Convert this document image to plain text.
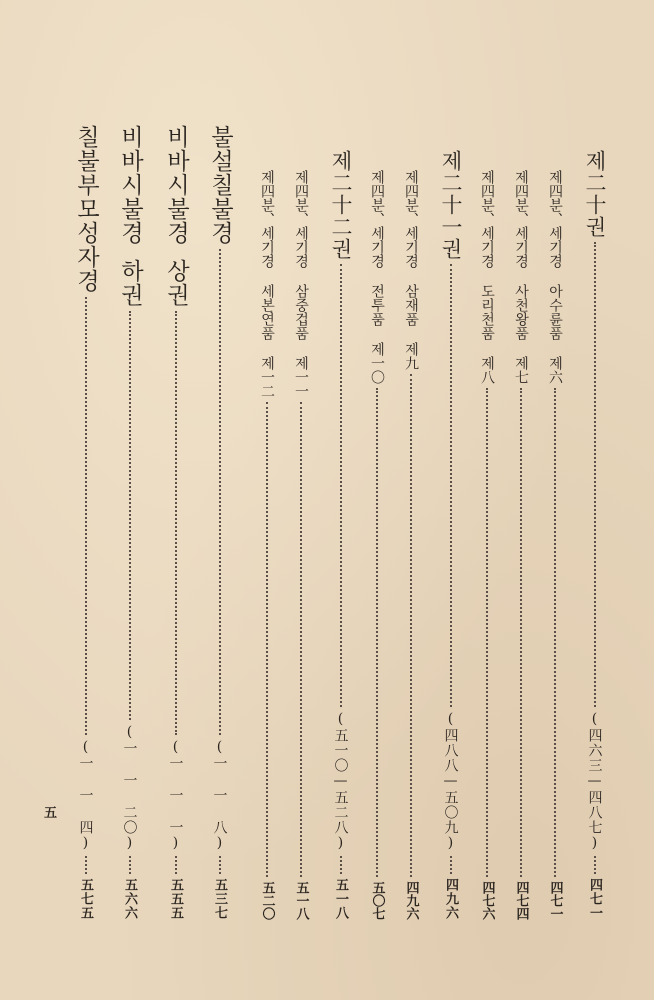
제二十권
(四六三—四八七)
四七一
제四분、세기경 아수륜품 제六
四七一
제四분、세기경 사천왕품 제七
四七四
제四분、세기경 도리천품 제八
四七六
제二十一권
(四八八—五〇九)
四九六
제四분、세기경 삼재품 제九
四九六
제四분、세기경 전투품 제一〇
五〇七
제二十二권
(五一〇—五二八)
五一八
제四분、세기경 삼중겁품 제一一
五一八
제四분、세기경 세본연품 제一二
五二〇
불설칠불경
(一 一 八)
五三七
비바시불경
상권
(一 一 一)
五五五
비바시불경
하권
(一 一 二〇)
五六六
칠불부모성자경
(一 一 四)
五七五
五
